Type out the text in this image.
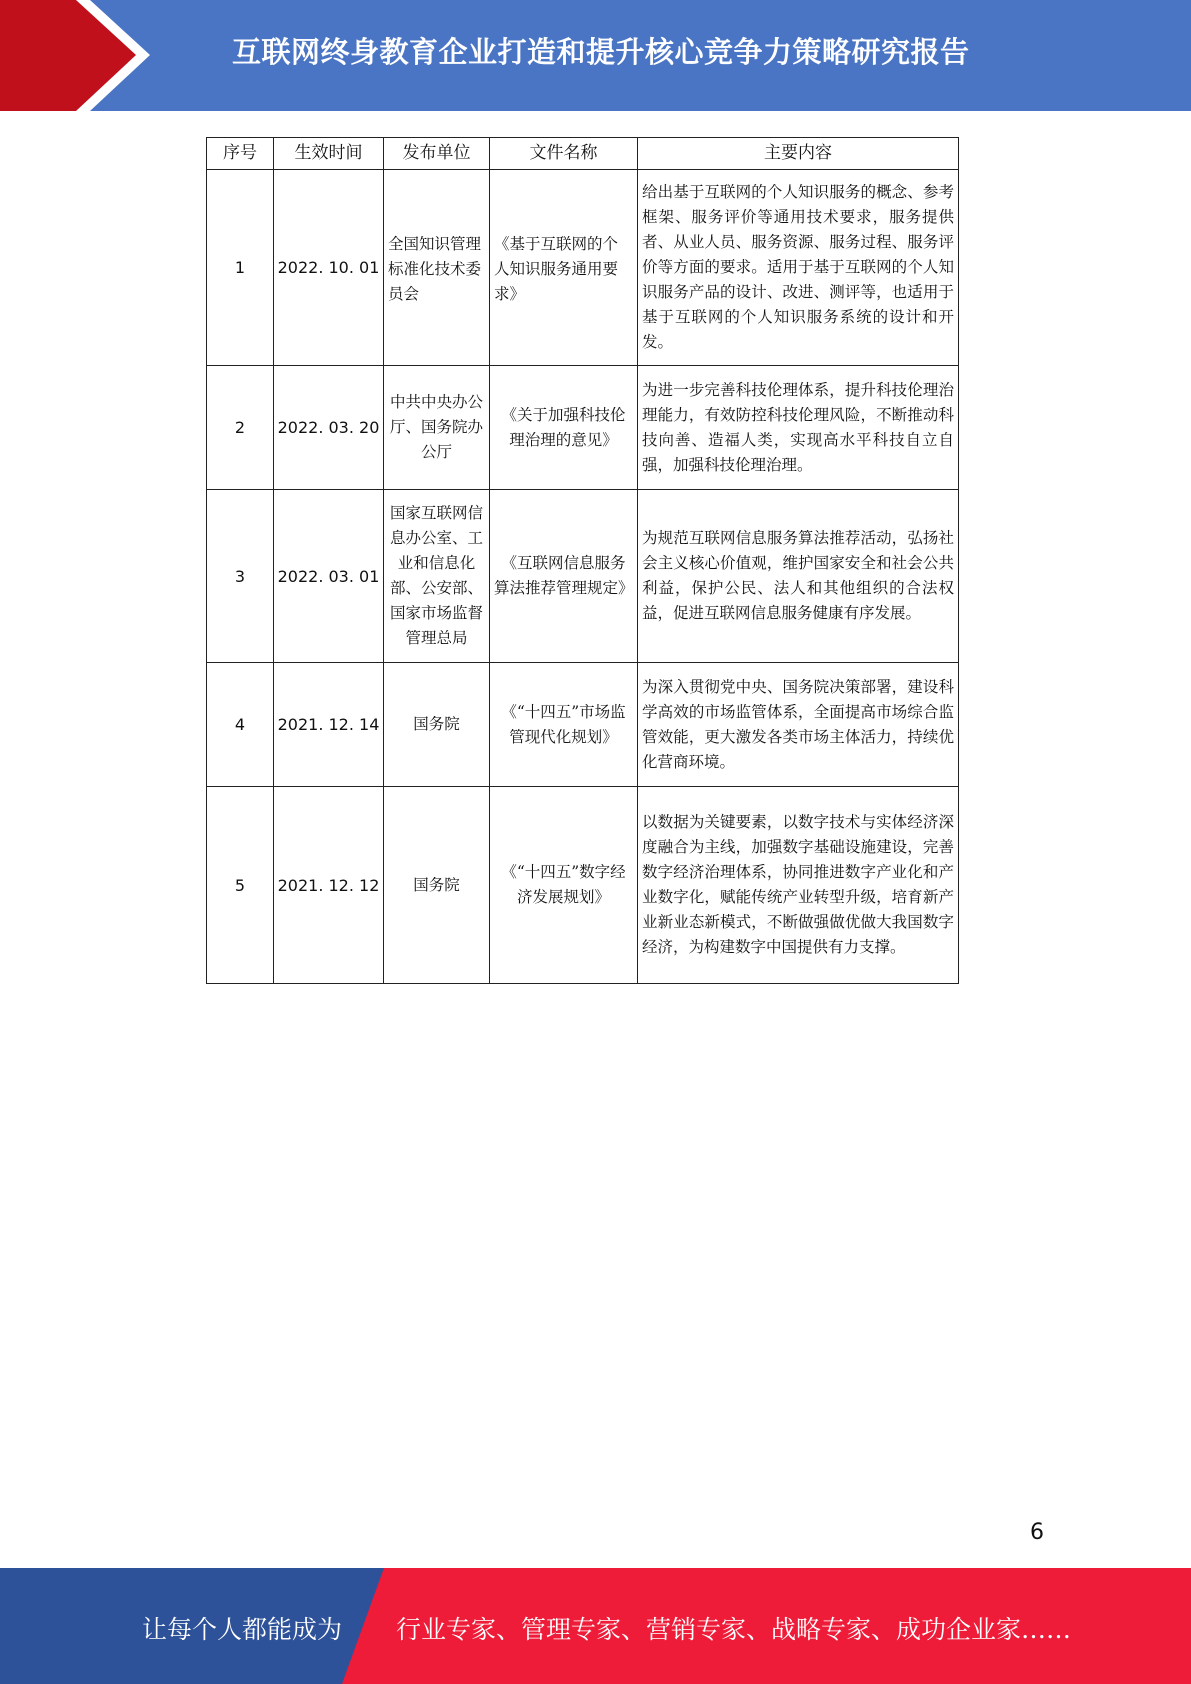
互联网终身教育企业打造和提升核心竞争力策略研究报告
序号	生效时间	发布单位	文件名称	主要内容
1	2022. 10. 01	全国知识管理标准化技术委员会	《基于互联网的个人知识服务通用要求》	给出基于互联网的个人知识服务的概念、参考框架、服务评价等通用技术要求，服务提供者、从业人员、服务资源、服务过程、服务评价等方面的要求。适用于基于互联网的个人知识服务产品的设计、改进、测评等，也适用于基于互联网的个人知识服务系统的设计和开发。
2	2022. 03. 20	中共中央办公厅、国务院办公厅	《关于加强科技伦理治理的意见》	为进一步完善科技伦理体系，提升科技伦理治理能力，有效防控科技伦理风险，不断推动科技向善、造福人类，实现高水平科技自立自强，加强科技伦理治理。
3	2022. 03. 01	国家互联网信息办公室、工业和信息化部、公安部、国家市场监督管理总局	《互联网信息服务算法推荐管理规定》	为规范互联网信息服务算法推荐活动，弘扬社会主义核心价值观，维护国家安全和社会公共利益，保护公民、法人和其他组织的合法权益，促进互联网信息服务健康有序发展。
4	2021. 12. 14	国务院	《“十四五”市场监管现代化规划》	为深入贯彻党中央、国务院决策部署，建设科学高效的市场监管体系，全面提高市场综合监管效能，更大激发各类市场主体活力，持续优化营商环境。
5	2021. 12. 12	国务院	《“十四五”数字经济发展规划》	以数据为关键要素，以数字技术与实体经济深度融合为主线，加强数字基础设施建设，完善数字经济治理体系，协同推进数字产业化和产业数字化，赋能传统产业转型升级，培育新产业新业态新模式，不断做强做优做大我国数字经济，为构建数字中国提供有力支撑。
6
让每个人都能成为 行业专家、管理专家、营销专家、战略专家、成功企业家……
